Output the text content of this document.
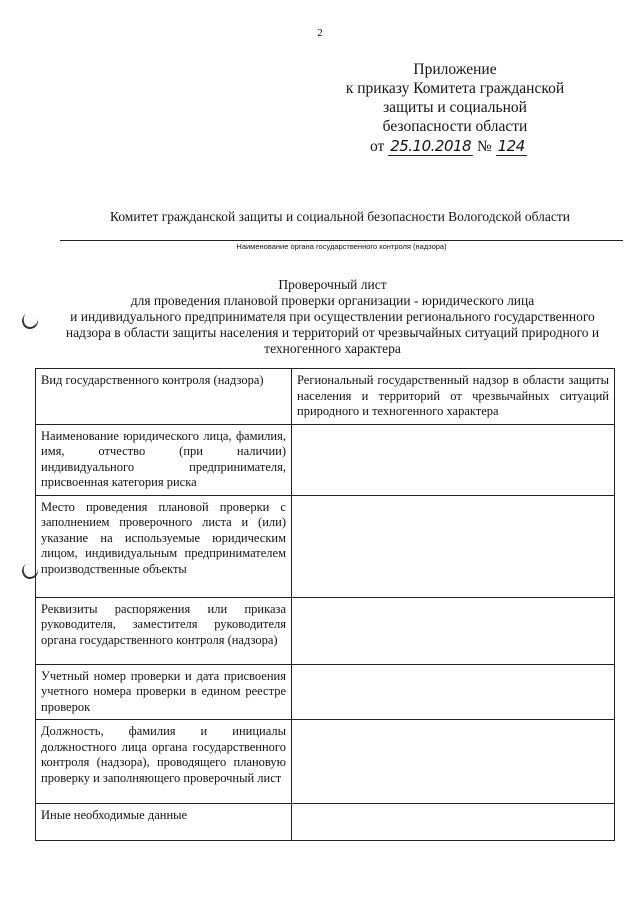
2
Приложение
к приказу Комитета гражданской
защиты и социальной
безопасности области
от 25.10.2018 № 124
Комитет гражданской защиты и социальной безопасности Вологодской области
Наименование органа государственного контроля (надзора)
Проверочный лист
для проведения плановой проверки организации - юридического лица
и индивидуального предпринимателя при осуществлении регионального государственного
надзора в области защиты населения и территорий от чрезвычайных ситуаций природного и
техногенного характера
Вид государственного контроля (надзора)	Региональный государственный надзор в области защиты населения и территорий от чрезвычайных ситуаций природного и техногенного характера

Наименование юридического лица, фамилия, имя, отчество (при наличии) индивидуального предпринимателя, присвоенная категория риска	

Место проведения плановой проверки с заполнением проверочного листа и (или) указание на используемые юридическим лицом, индивидуальным предпринимателем производственные объекты	

Реквизиты распоряжения или приказа руководителя, заместителя руководителя органа государственного контроля (надзора)	

Учетный номер проверки и дата присвоения учетного номера проверки в едином реестре проверок	

Должность, фамилия и инициалы должностного лица органа государственного контроля (надзора), проводящего плановую проверку и заполняющего проверочный лист	

Иные необходимые данные	
